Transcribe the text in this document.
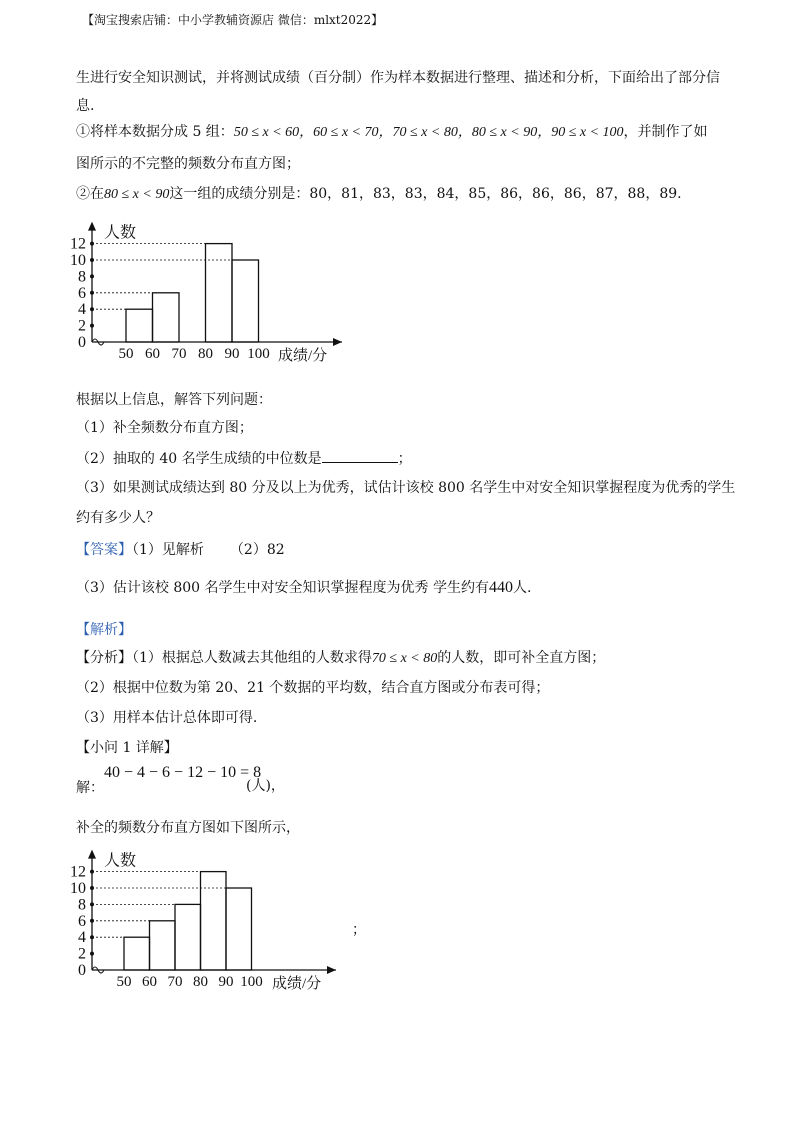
【淘宝搜索店铺：中小学教辅资源店 微信：mlxt2022】
生进行安全知识测试，并将测试成绩（百分制）作为样本数据进行整理、描述和分析，下面给出了部分信
息.
①将样本数据分成 5 组：50 ≤ x < 60，60 ≤ x < 70，70 ≤ x < 80，80 ≤ x < 90，90 ≤ x < 100，并制作了如
图所示的不完整的频数分布直方图；
②在80 ≤ x < 90这一组的成绩分别是：80，81，83，83，84，85，86，86，86，87，88，89.
0
2
4
6
8
10
12
50 60 70 80 90 100
人数
成绩/分
根据以上信息，解答下列问题：
（1）补全频数分布直方图；
（2）抽取的 40 名学生成绩的中位数是	；
（3）如果测试成绩达到 80 分及以上为优秀，试估计该校 800 名学生中对安全知识掌握程度为优秀的学生
约有多少人？
【答案】（1）见解析 （2）82
（3）估计该校 800 名学生中对安全知识掌握程度为优秀 学生约有440人.
【解析】
【分析】（1）根据总人数减去其他组的人数求得70 ≤ x < 80的人数，即可补全直方图；
（2）根据中位数为第 20、21 个数据的平均数，结合直方图或分布表可得；
（3）用样本估计总体即可得.
【小问 1 详解】
解：
40 − 4 − 6 − 12 − 10 = 8
(人)，
补全的频数分布直方图如下图所示，
0
2
4
6
8
10
12
50 60 70 80 90 100
人数
成绩/分
；
